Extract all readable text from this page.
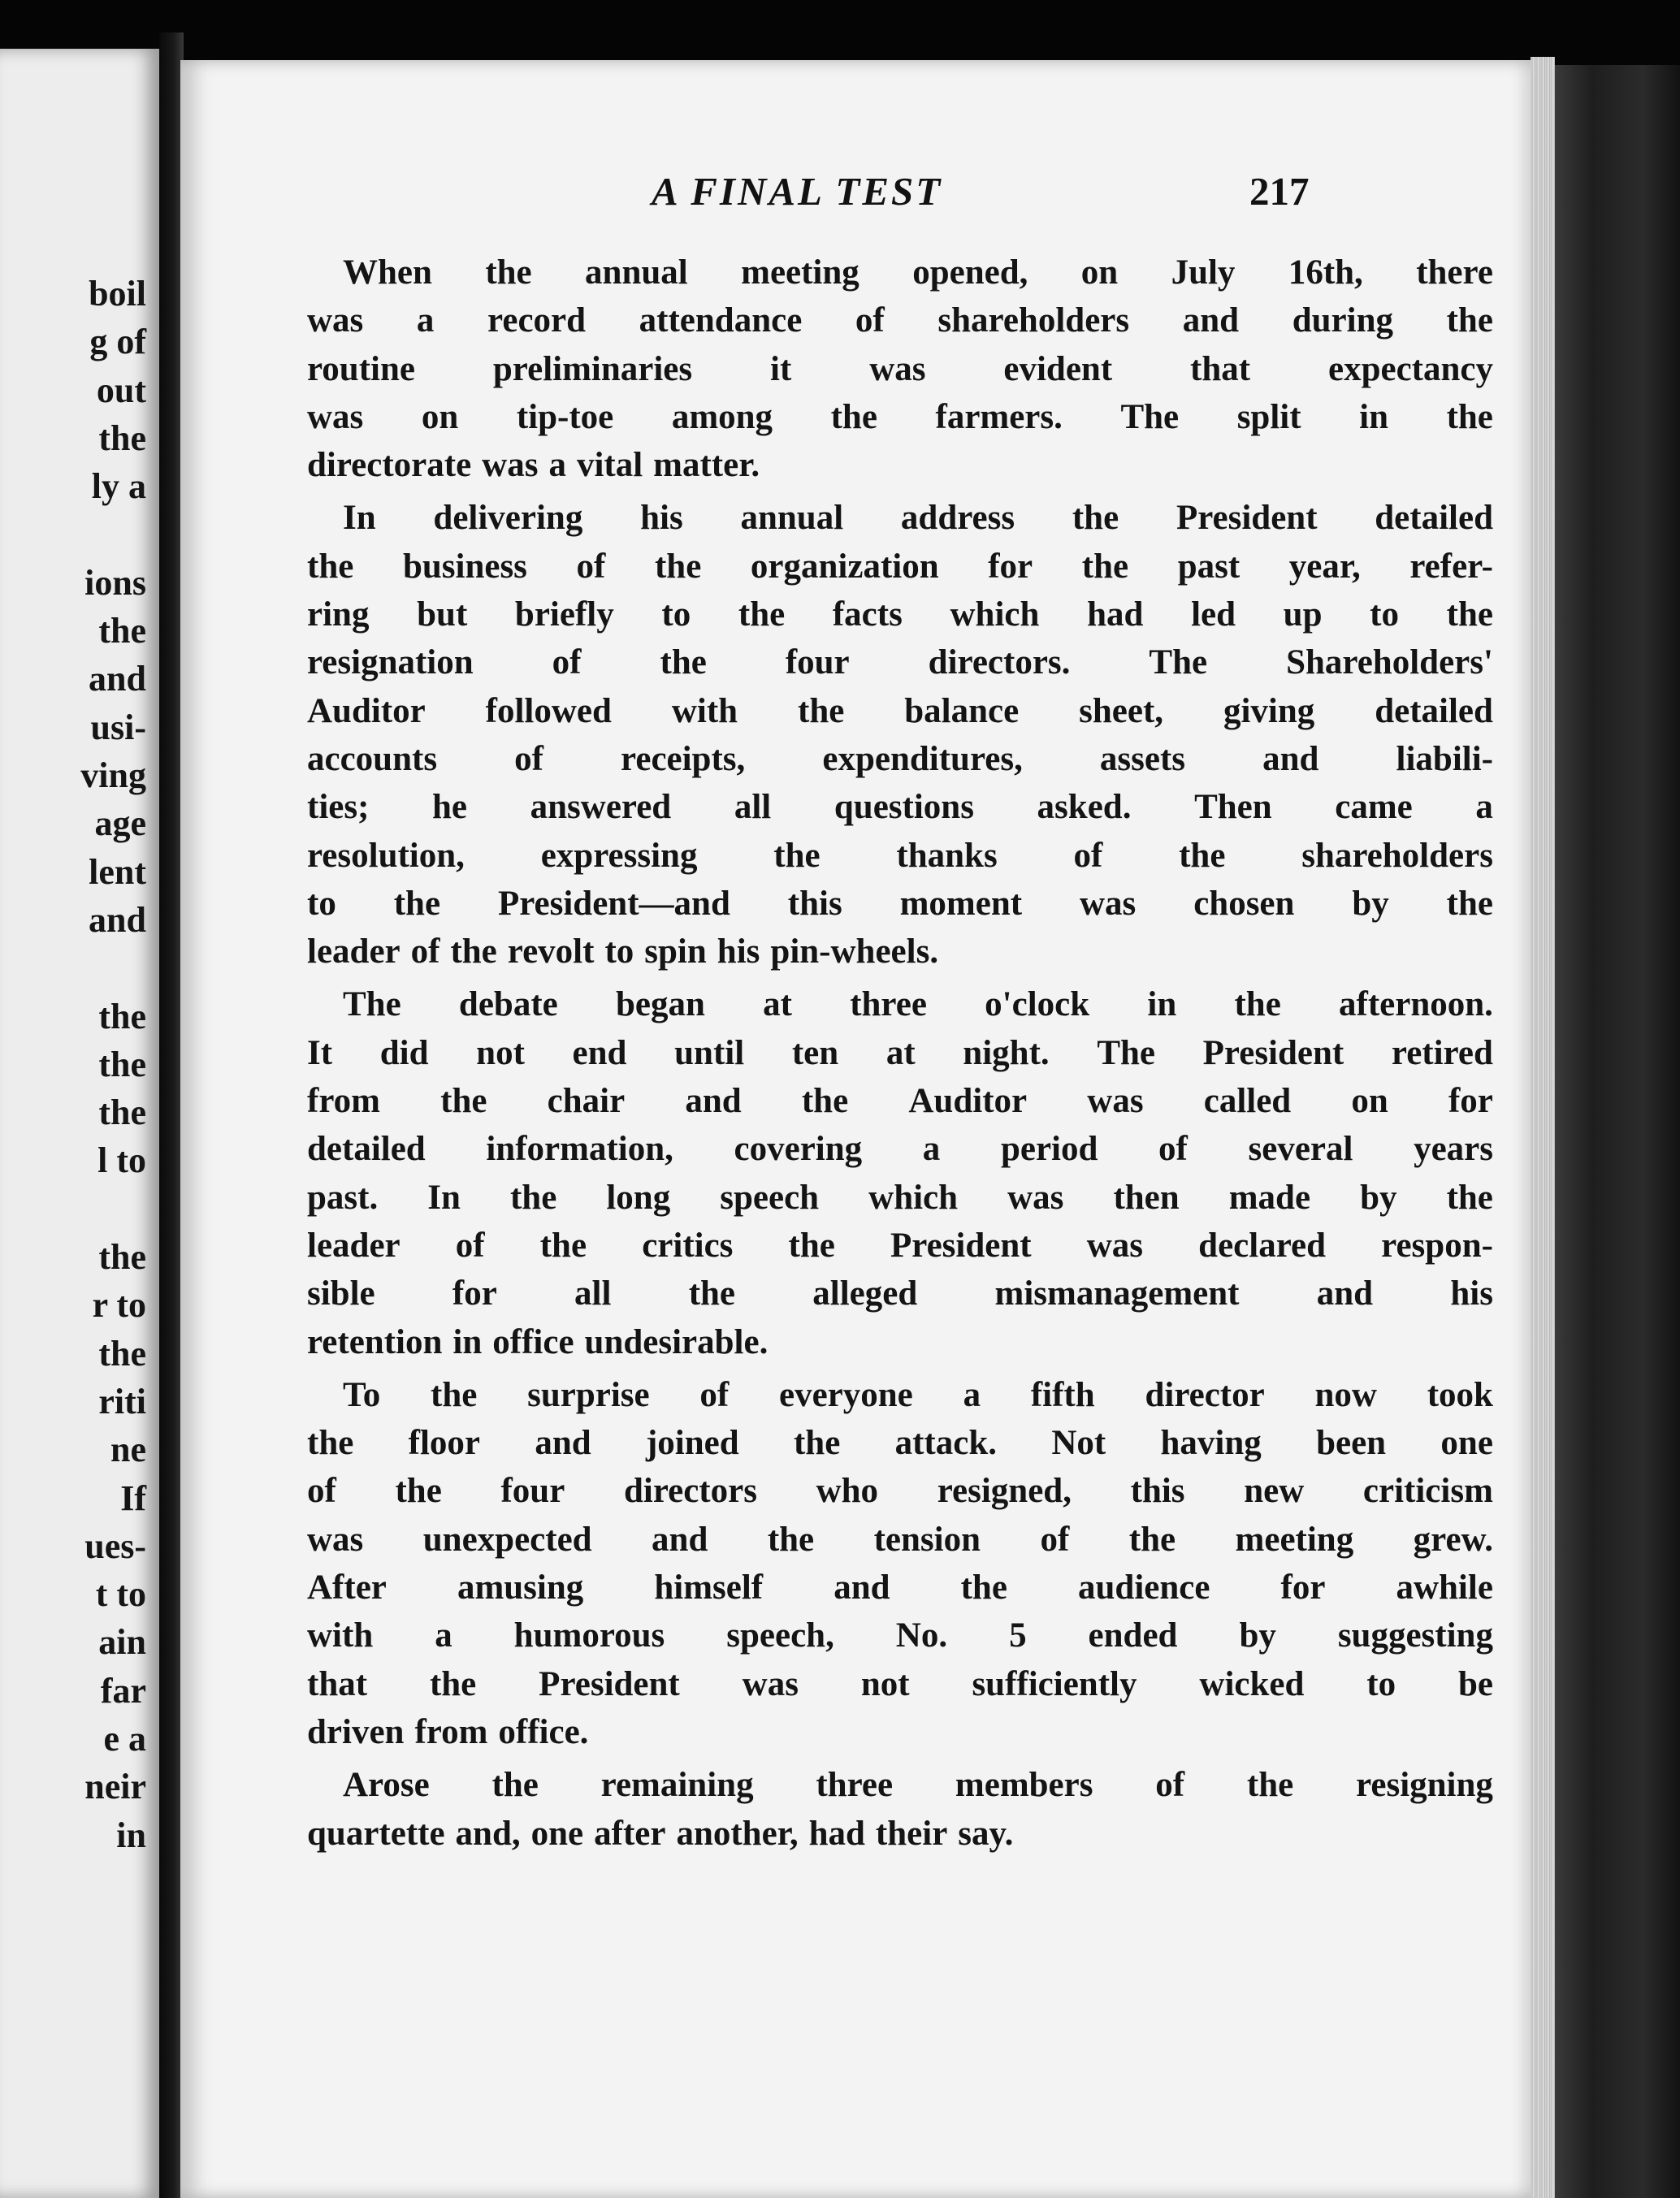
boil
g of
out
the
ly a
ions
the
and
usi-
ving
age
lent
and
the
the
the
l to
the
r to
the
riti
ne
If
ues-
t to
ain
far
e a
neir
in
A FINAL TEST	217
When the annual meeting opened, on July 16th, there
was a record attendance of shareholders and during the
routine preliminaries it was evident that expectancy
was on tip-toe among the farmers. The split in the
directorate was a vital matter.
In delivering his annual address the President detailed
the business of the organization for the past year, refer-
ring but briefly to the facts which had led up to the
resignation of the four directors. The Shareholders'
Auditor followed with the balance sheet, giving detailed
accounts of receipts, expenditures, assets and liabili-
ties; he answered all questions asked. Then came a
resolution, expressing the thanks of the shareholders
to the President—and this moment was chosen by the
leader of the revolt to spin his pin-wheels.
The debate began at three o'clock in the afternoon.
It did not end until ten at night. The President retired
from the chair and the Auditor was called on for
detailed information, covering a period of several years
past. In the long speech which was then made by the
leader of the critics the President was declared respon-
sible for all the alleged mismanagement and his
retention in office undesirable.
To the surprise of everyone a fifth director now took
the floor and joined the attack. Not having been one
of the four directors who resigned, this new criticism
was unexpected and the tension of the meeting grew.
After amusing himself and the audience for awhile
with a humorous speech, No. 5 ended by suggesting
that the President was not sufficiently wicked to be
driven from office.
Arose the remaining three members of the resigning
quartette and, one after another, had their say.
